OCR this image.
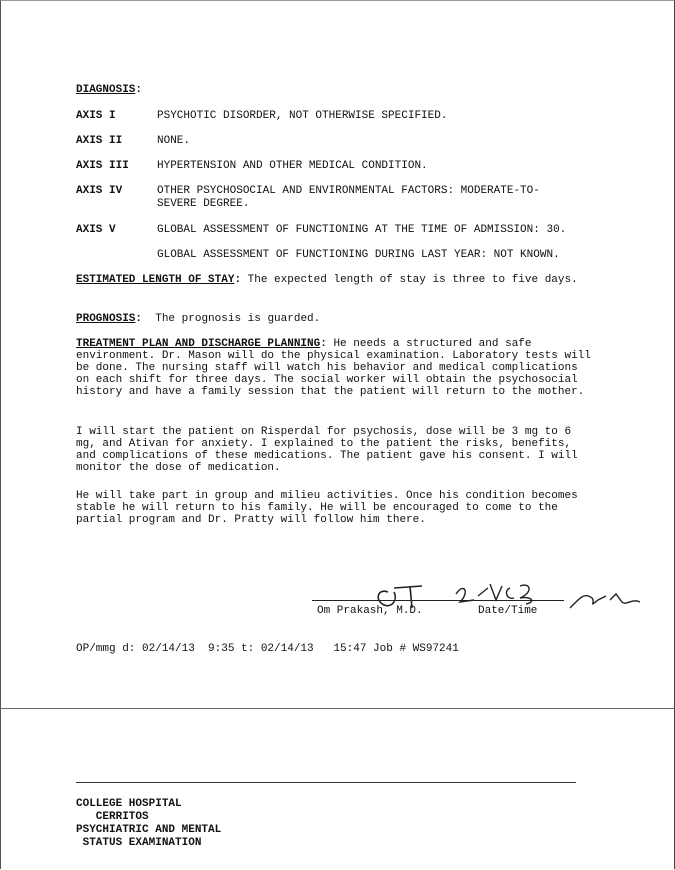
DIAGNOSIS:
AXIS I	PSYCHOTIC DISORDER, NOT OTHERWISE SPECIFIED.
AXIS II	NONE.
AXIS III	HYPERTENSION AND OTHER MEDICAL CONDITION.
AXIS IV	OTHER PSYCHOSOCIAL AND ENVIRONMENTAL FACTORS: MODERATE-TO-
SEVERE DEGREE.
AXIS V	GLOBAL ASSESSMENT OF FUNCTIONING AT THE TIME OF ADMISSION: 30.
GLOBAL ASSESSMENT OF FUNCTIONING DURING LAST YEAR: NOT KNOWN.
ESTIMATED LENGTH OF STAY: The expected length of stay is three to five days.
PROGNOSIS:  The prognosis is guarded.
TREATMENT PLAN AND DISCHARGE PLANNING: He needs a structured and safe environment. Dr. Mason will do the physical examination. Laboratory tests will be done. The nursing staff will watch his behavior and medical complications on each shift for three days. The social worker will obtain the psychosocial history and have a family session that the patient will return to the mother.
I will start the patient on Risperdal for psychosis, dose will be 3 mg to 6 mg, and Ativan for anxiety. I explained to the patient the risks, benefits, and complications of these medications. The patient gave his consent. I will monitor the dose of medication.
He will take part in group and milieu activities. Once his condition becomes stable he will return to his family. He will be encouraged to come to the partial program and Dr. Pratty will follow him there.
Om Prakash, M.D.	Date/Time
OP/mmg d: 02/14/13  9:35 t: 02/14/13   15:47 Job # WS97241
COLLEGE HOSPITAL
CERRITOS
PSYCHIATRIC AND MENTAL
STATUS EXAMINATION
